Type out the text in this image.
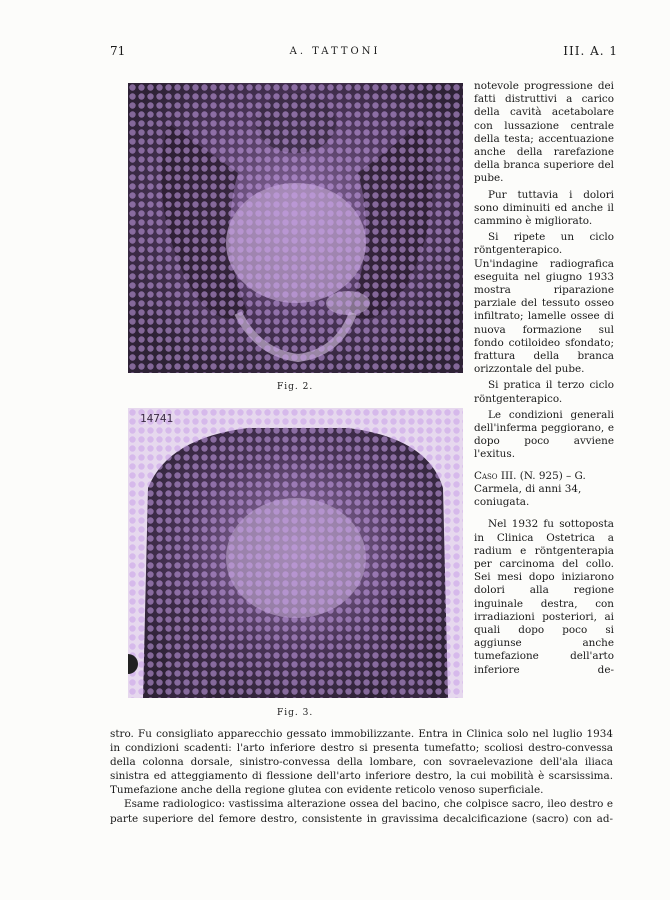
71	A. TATTONI	III. A. 1
Fig. 2.
14741
Fig. 3.

notevole progressione dei fatti distruttivi a carico della cavità acetabolare con lussazione centrale della testa; accentuazione anche della rarefazione della branca superiore del pube.

Pur tuttavia i dolori sono diminuiti ed anche il cammino è migliorato.

Si ripete un ciclo röntgenterapico. Un'indagine radiografica eseguita nel giugno 1933 mostra riparazione parziale del tessuto osseo infiltrato; lamelle ossee di nuova formazione sul fondo cotiloideo sfondato; frattura della branca orizzontale del pube.

Si pratica il terzo ciclo röntgenterapico.

Le condizioni generali dell'inferma peggiorano, e dopo poco avviene l'exitus.

Caso III. (N. 925) – G. Carmela, di anni 34, coniugata.

Nel 1932 fu sottoposta in Clinica Ostetrica a radium e röntgenterapia per carcinoma del collo. Sei mesi dopo iniziarono dolori alla regione inguinale destra, con irradiazioni posteriori, ai quali dopo poco si aggiunse anche tumefazione dell'arto inferiore de-

stro. Fu consigliato apparecchio gessato immobilizzante. Entra in Clinica solo nel luglio 1934 in condizioni scadenti: l'arto inferiore destro si presenta tumefatto; scoliosi destro-convessa della colonna dorsale, sinistro-convessa della lombare, con sovraelevazione dell'ala iliaca sinistra ed atteggiamento di flessione dell'arto inferiore destro, la cui mobilità è scarsissima. Tumefazione anche della regione glutea con evidente reticolo venoso superficiale.

Esame radiologico: vastissima alterazione ossea del bacino, che colpisce sacro, ileo destro e parte superiore del femore destro, consistente in gravissima decalcificazione (sacro) con ad-
